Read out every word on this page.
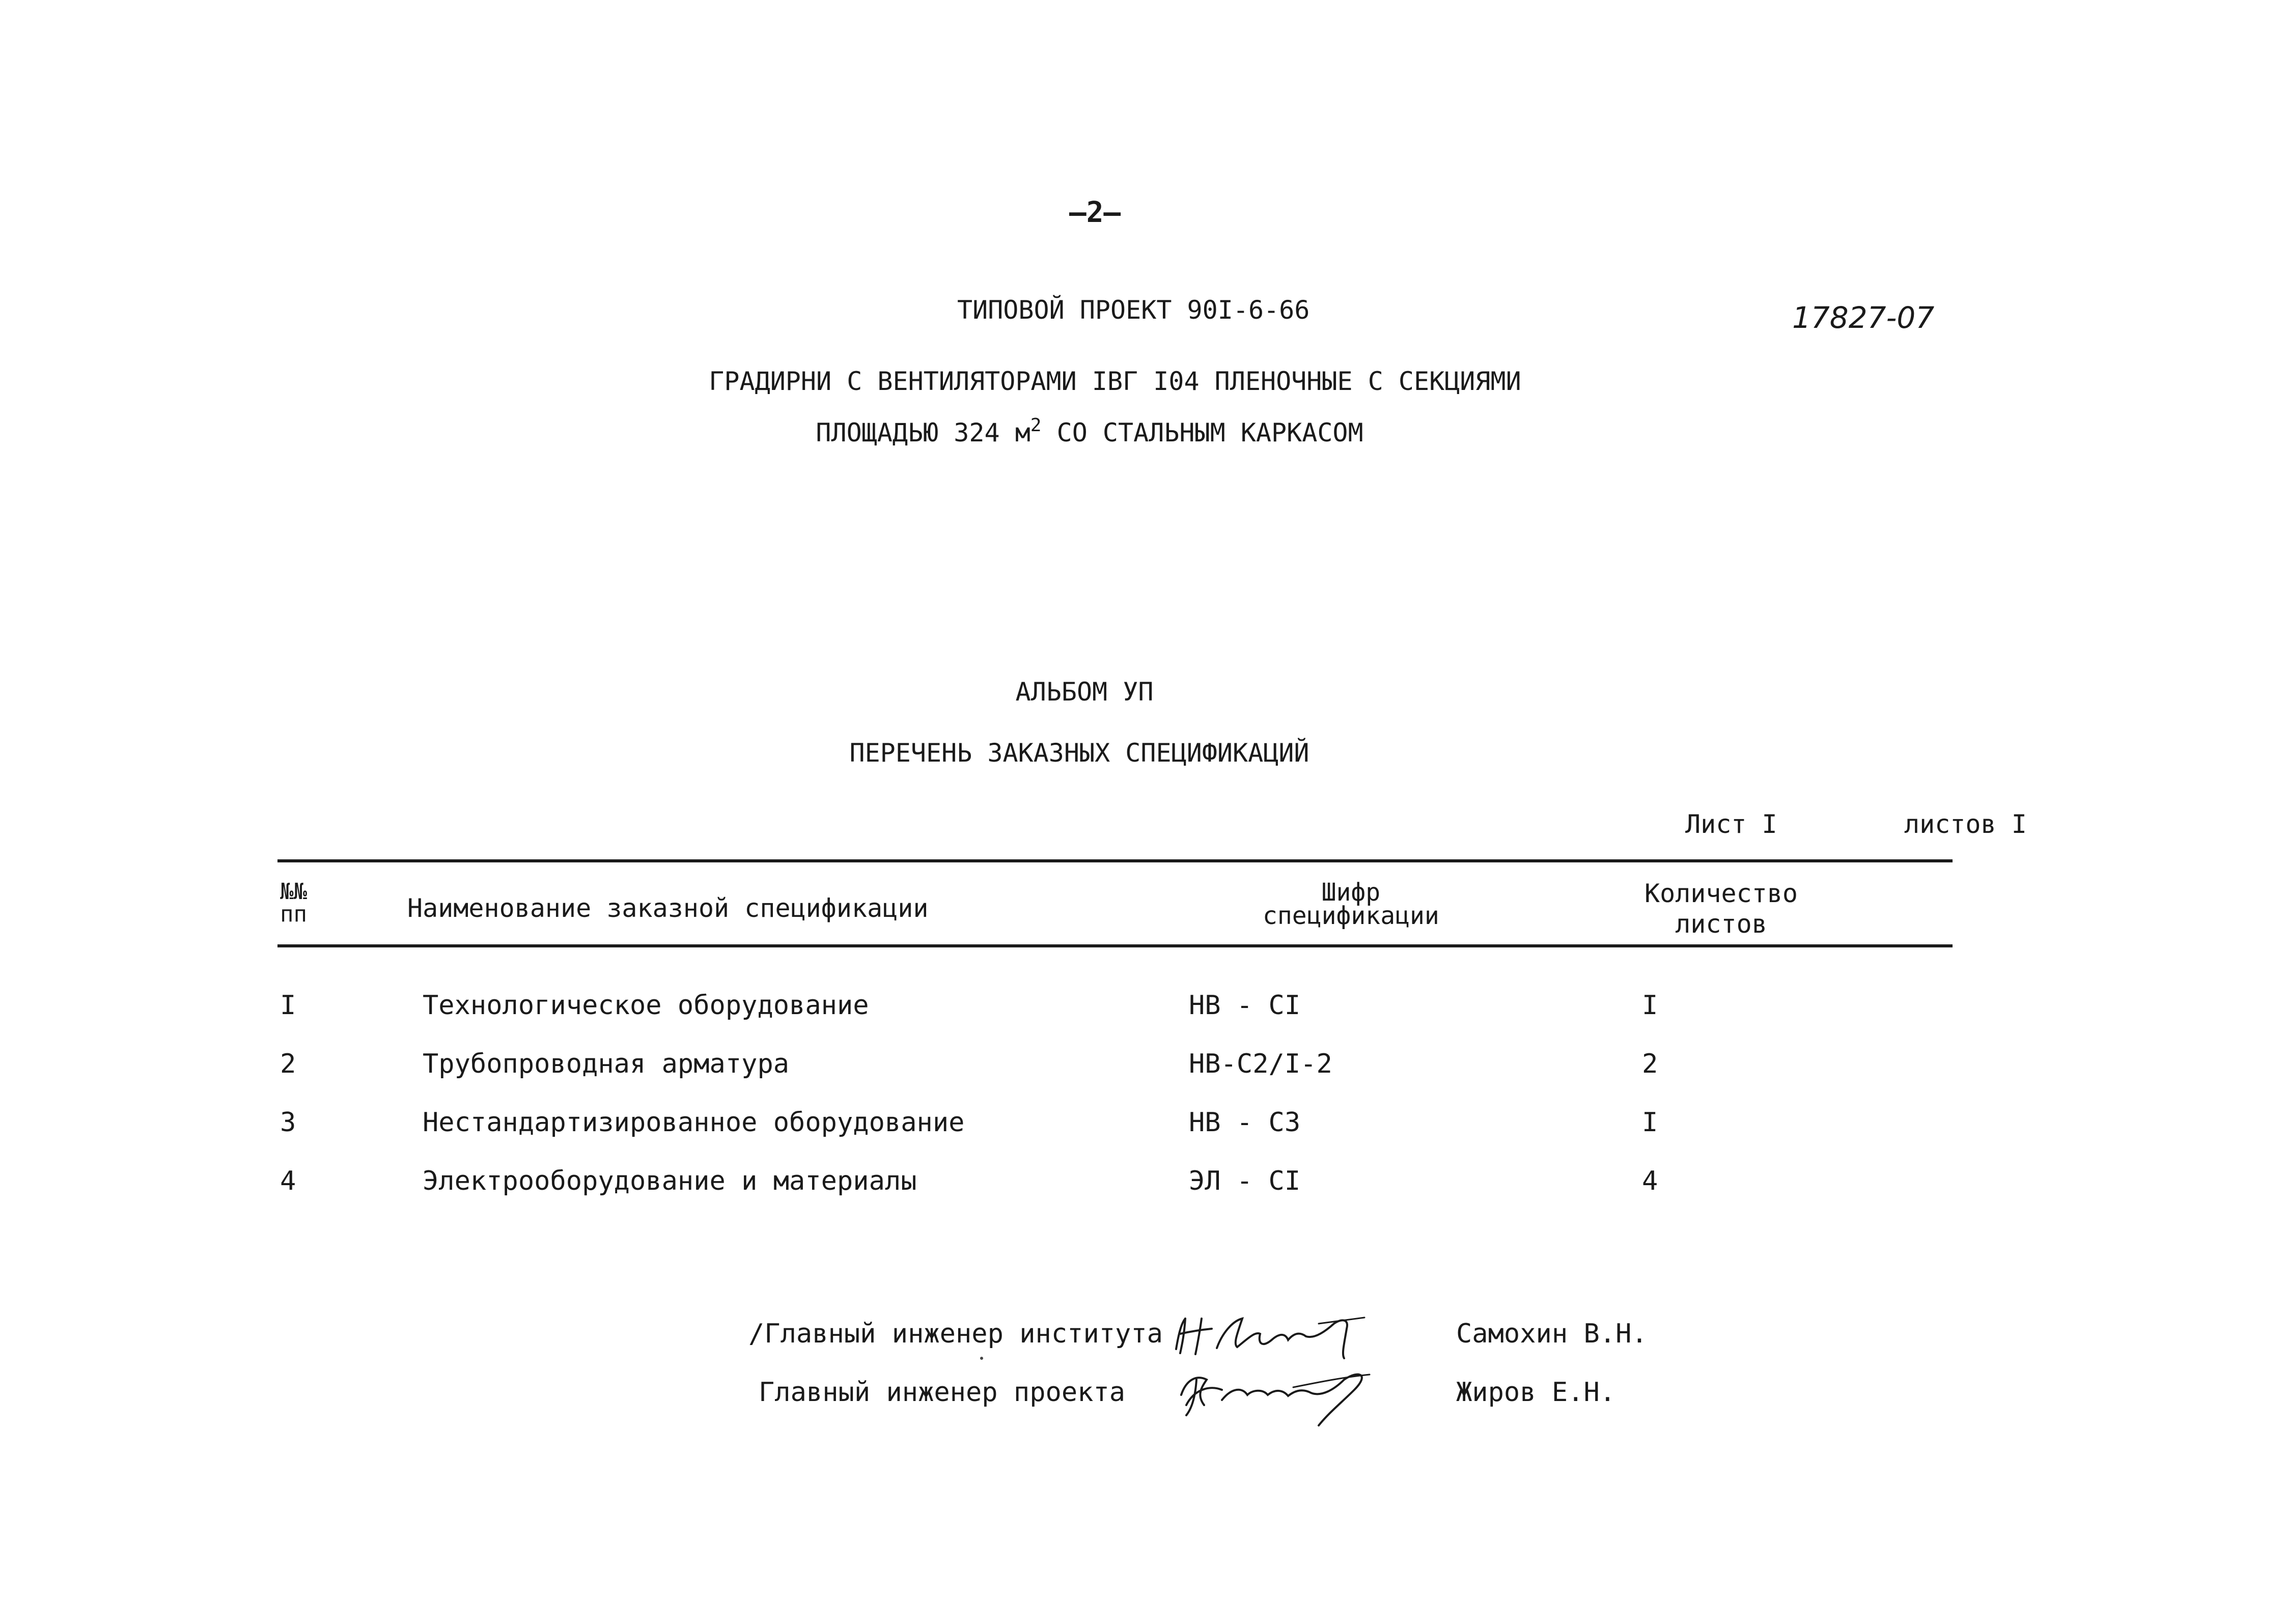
—2—
ТИПОВОЙ ПРОЕКТ 90I-6-66	17827-07
ГРАДИРНИ С ВЕНТИЛЯТОРАМИ IВГ I04 ПЛЕНОЧНЫЕ С СЕКЦИЯМИ
ПЛОЩАДЬЮ 324 $м^2$ СО СТАЛЬНЫМ КАРКАСОМ
АЛЬБОМ УП
ПЕРЕЧЕНЬ ЗАКАЗНЫХ СПЕЦИФИКАЦИЙ
Лист I	листов I
№№
пп	Наименование заказной спецификации
Шифр
спецификации
Количество
листов
I	Технологическое оборудование	НВ - СI	I
2	Трубопроводная арматура	НВ-С2/I-2	2
3	Нестандартизированное оборудование	НВ - С3	I
4	Электрооборудование и материалы	ЭЛ - СI	4
/Главный инженер института	Самохин В.Н.
Главный инженер проекта	Жиров Е.Н.
